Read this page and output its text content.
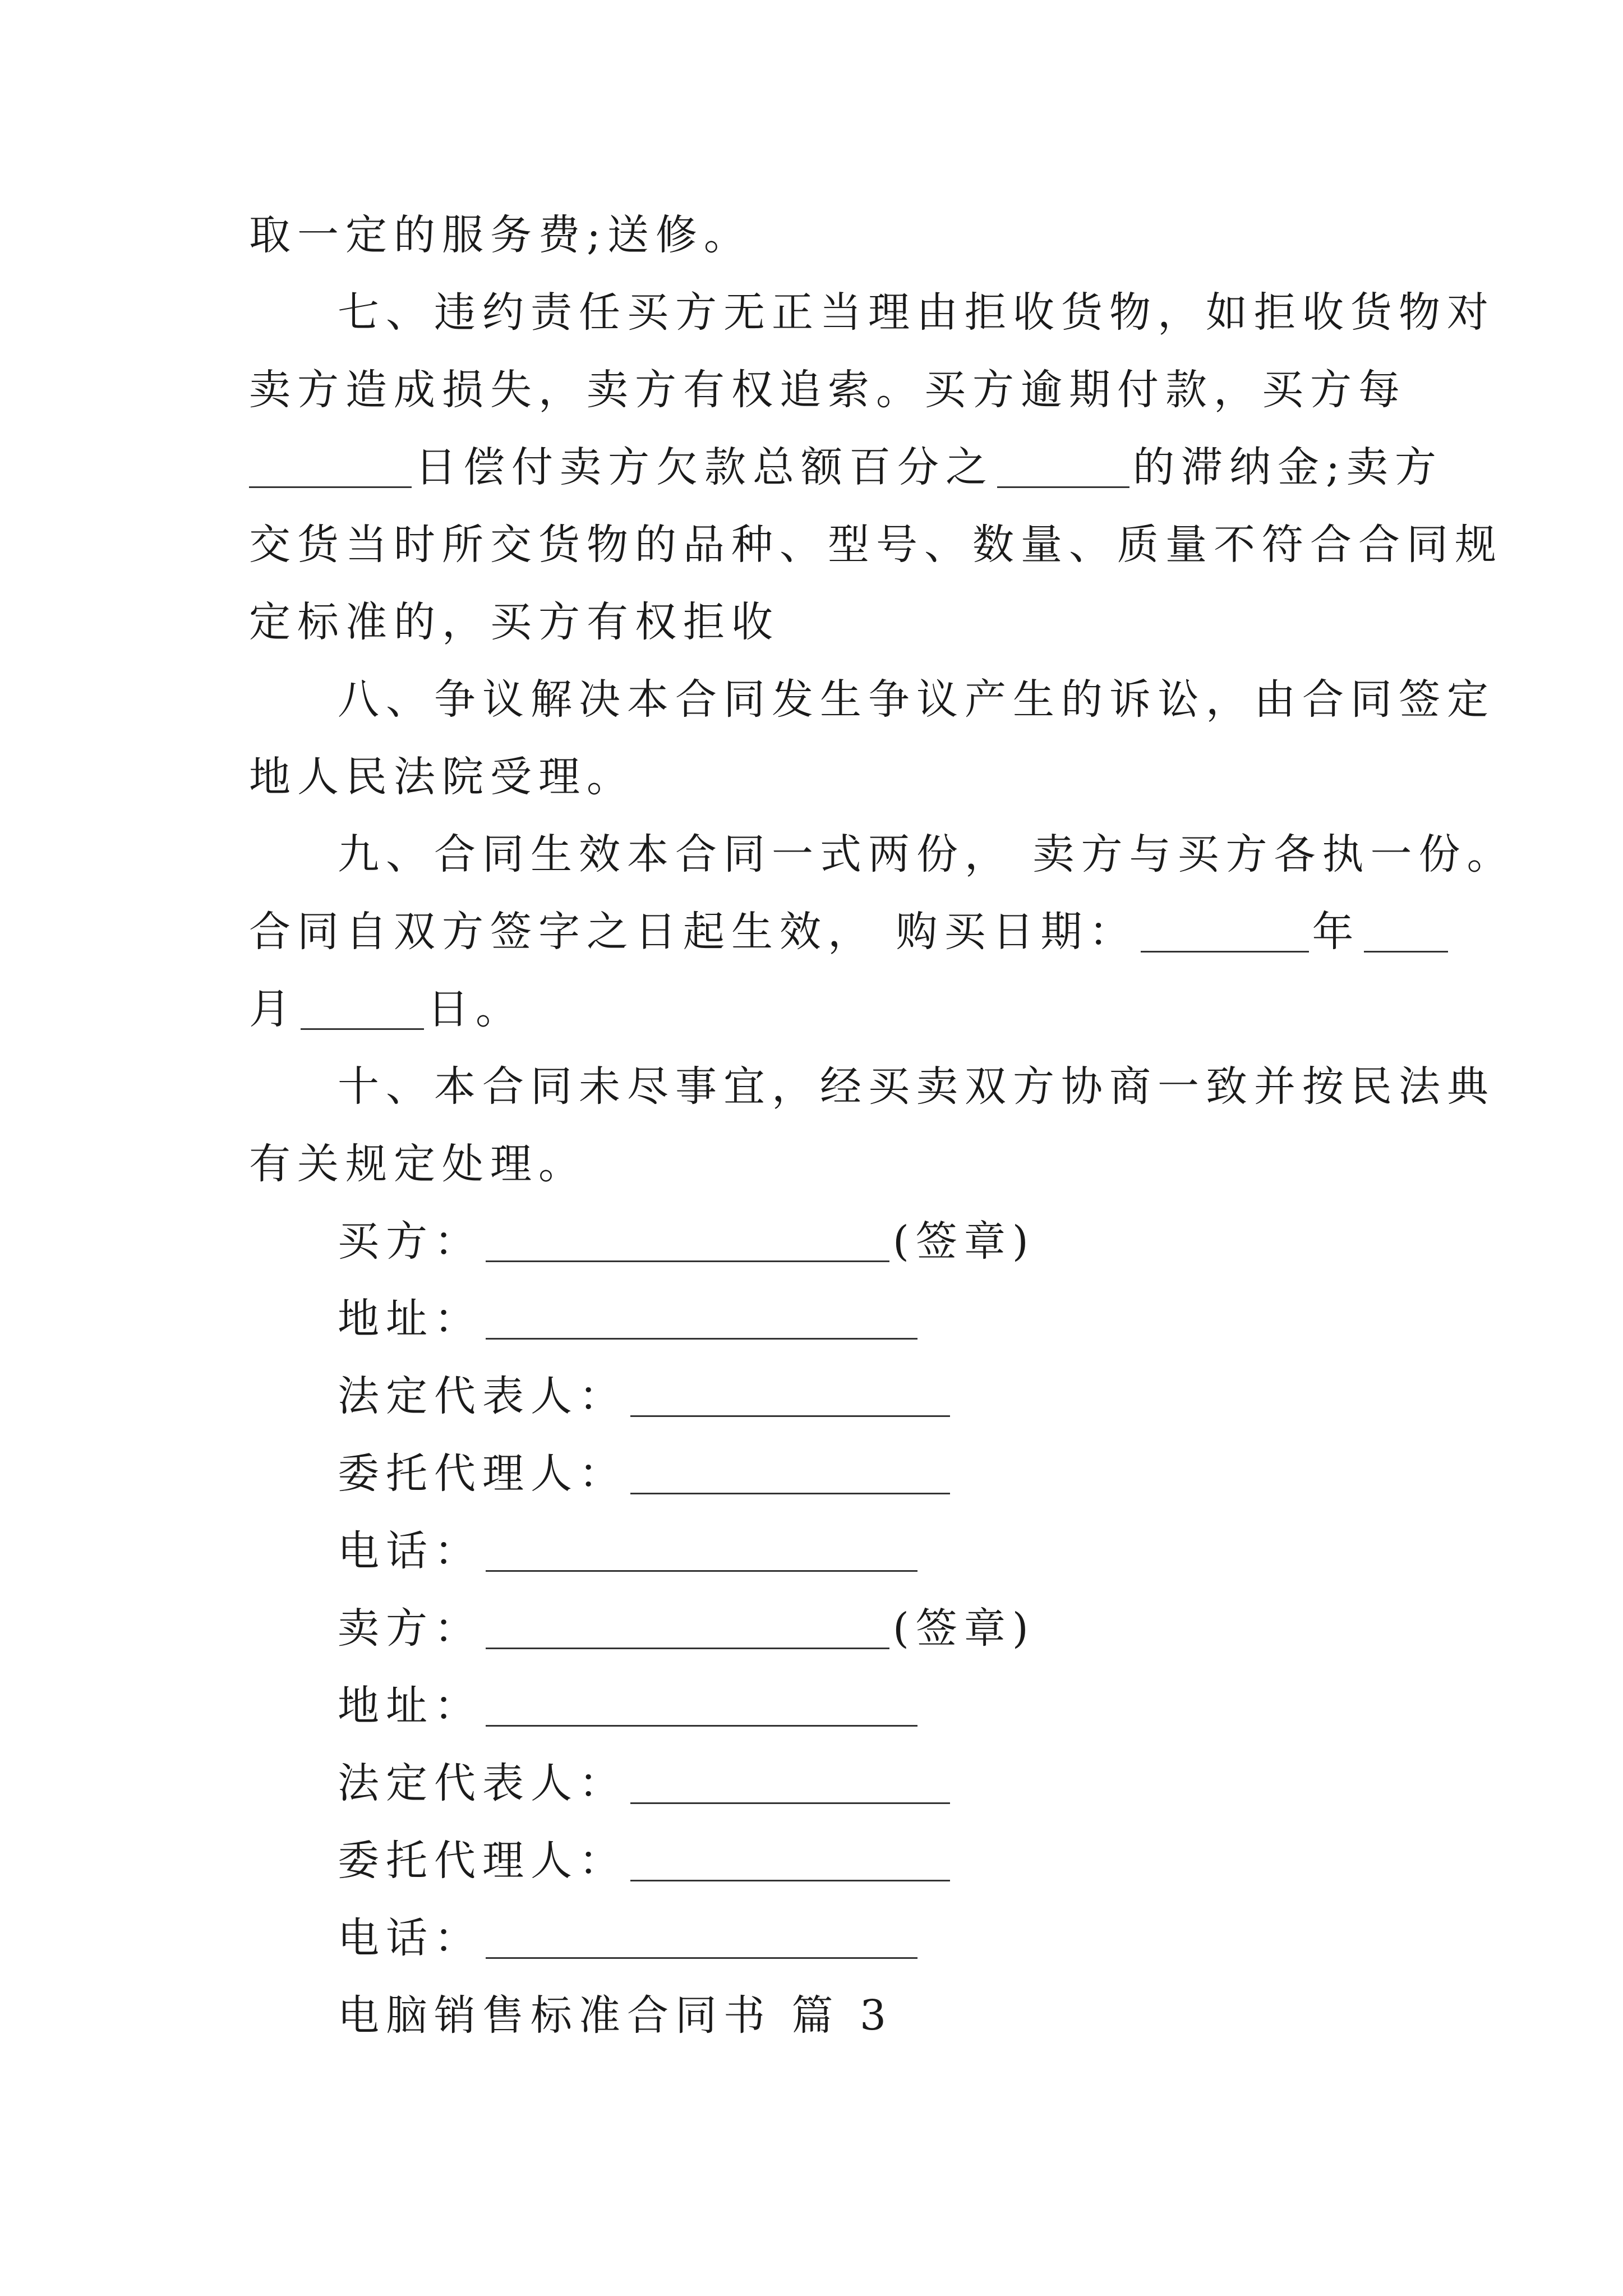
取一定的服务费;送修。
七、违约责任买方无正当理由拒收货物，如拒收货物对
卖方造成损失，卖方有权追索。买方逾期付款，买方每
日偿付卖方欠款总额百分之	的滞纳金;卖方
交货当时所交货物的品种、型号、数量、质量不符合合同规
定标准的，买方有权拒收
八、争议解决本合同发生争议产生的诉讼，由合同签定
地人民法院受理。
九、合同生效本合同一式两份， 卖方与买方各执一份。
合同自双方签字之日起生效， 购买日期：	年
月	日。
十、本合同未尽事宜，经买卖双方协商一致并按民法典
有关规定处理。
买方：	(签章)
地址：
法定代表人：
委托代理人：
电话：
卖方：	(签章)
地址：
法定代表人：
委托代理人：
电话：
电脑销售标准合同书 篇 3
